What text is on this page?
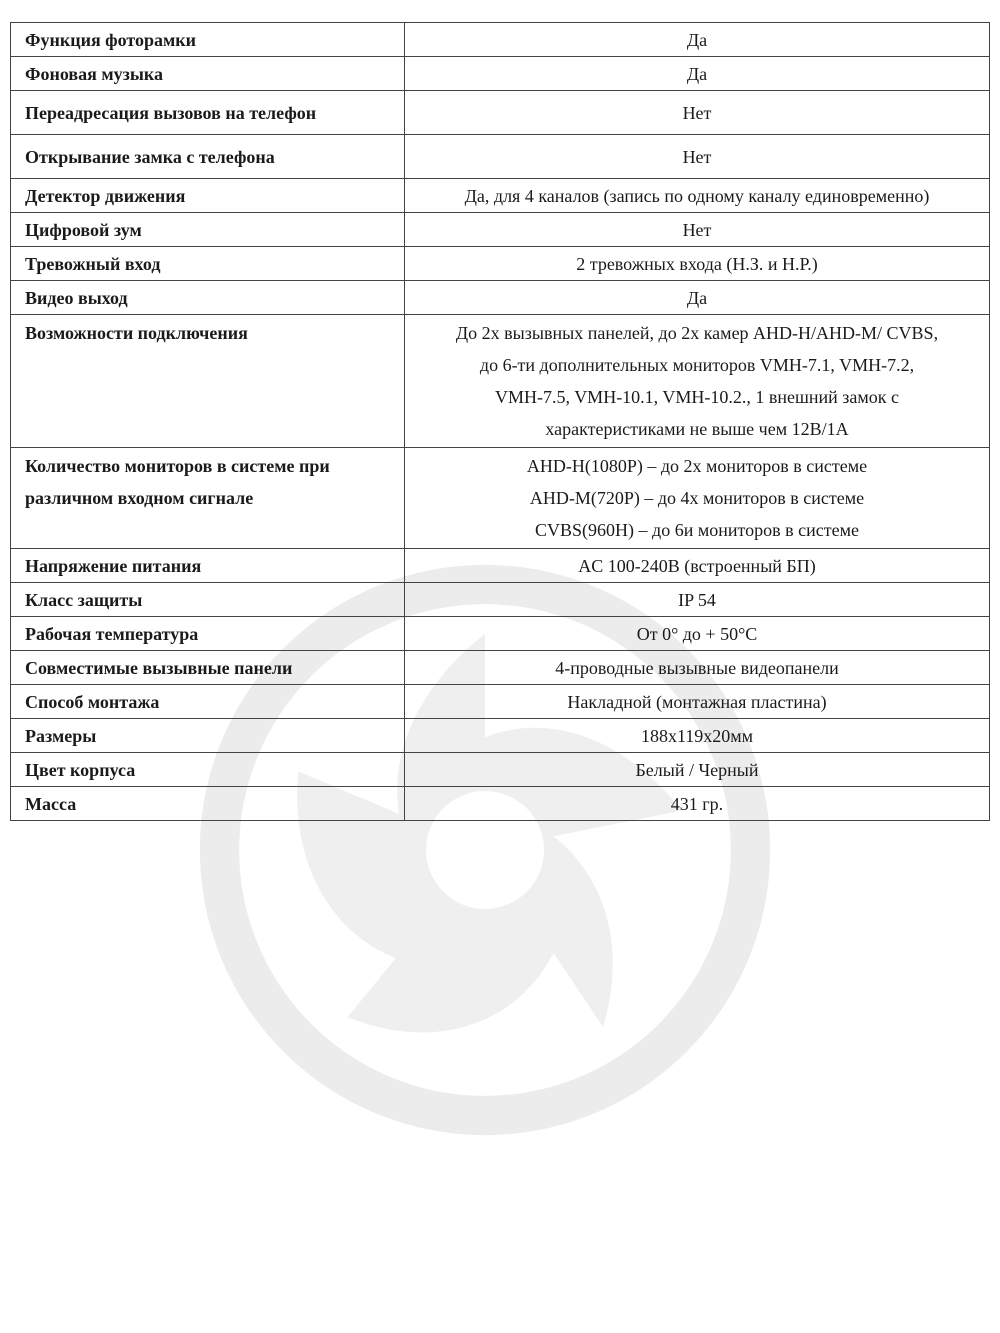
Функция фоторамки	Да

Фоновая музыка	Да

Переадресация вызовов на телефон	Нет

Открывание замка с телефона	Нет

Детектор движения	Да, для 4 каналов (запись по одному каналу единовременно)

Цифровой зум	Нет

Тревожный вход	2 тревожных входа (Н.З. и Н.Р.)

Видео выход	Да

Возможности подключения	До 2х вызывных панелей, до 2х камер AHD-H/AHD-M/ CVBS,
до 6-ти дополнительных мониторов VMH-7.1, VMH-7.2,
VMH-7.5, VMH-10.1, VMH-10.2., 1 внешний замок с
характеристиками не выше чем 12В/1А

Количество мониторов в системе при
различном входном сигнале	AHD-H(1080P) – до 2х мониторов в системе
AHD-M(720P) – до 4х мониторов в системе
CVBS(960H) – до 6и мониторов в системе

Напряжение питания	AC 100-240В (встроенный БП)

Класс защиты	IP 54

Рабочая температура	От 0° до + 50°С

Совместимые вызывные панели	4-проводные вызывные видеопанели

Способ монтажа	Накладной (монтажная пластина)

Размеры	188x119x20мм

Цвет корпуса	Белый / Черный

Масса	431 гр.
